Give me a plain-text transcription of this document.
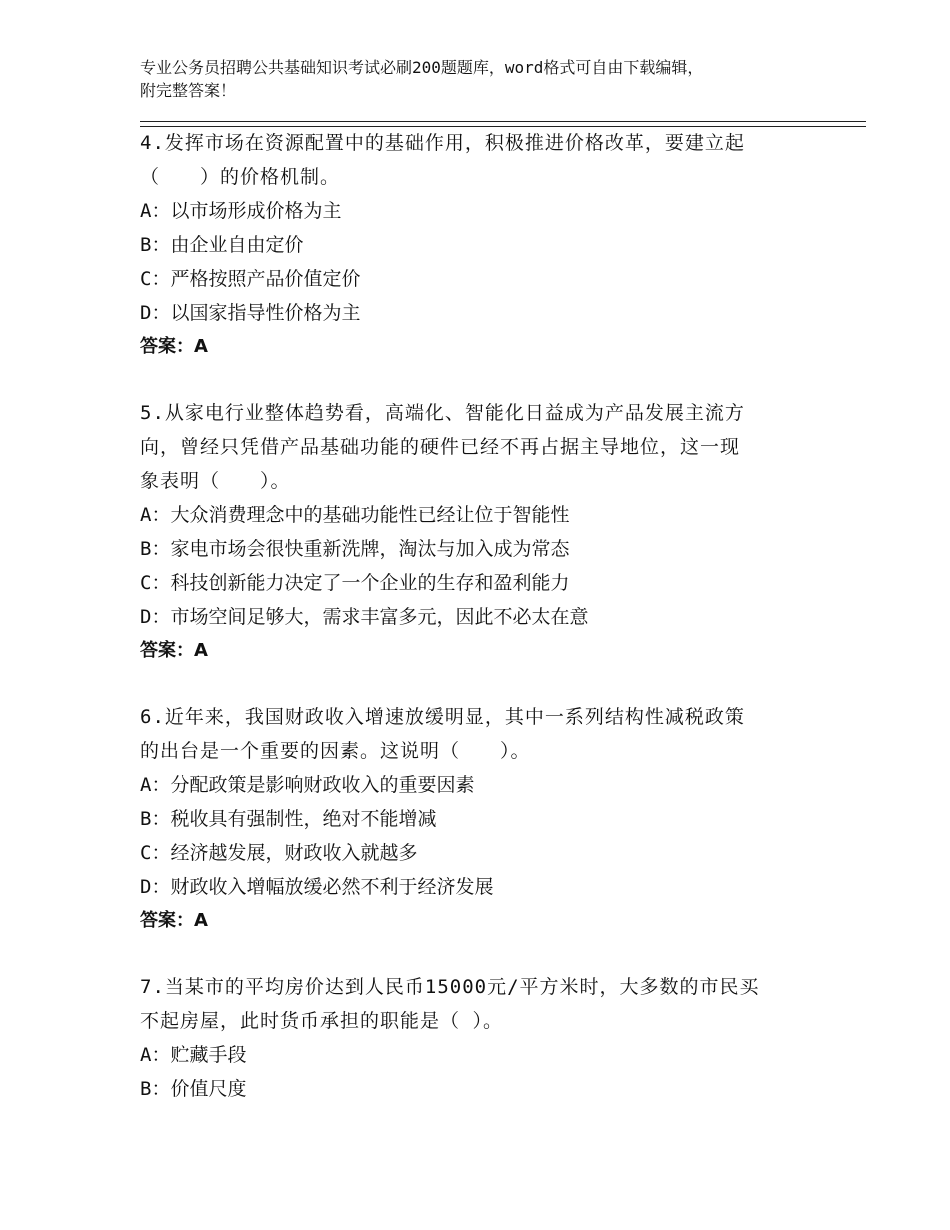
专业公务员招聘公共基础知识考试必刷200题题库，word格式可自由下载编辑，
附完整答案！
4.发挥市场在资源配置中的基础作用，积极推进价格改革，要建立起
（　　）的价格机制。
A：以市场形成价格为主
B：由企业自由定价
C：严格按照产品价值定价
D：以国家指导性价格为主
答案：A
5.从家电行业整体趋势看，高端化、智能化日益成为产品发展主流方
向，曾经只凭借产品基础功能的硬件已经不再占据主导地位，这一现
象表明（　　）。
A：大众消费理念中的基础功能性已经让位于智能性
B：家电市场会很快重新洗牌，淘汰与加入成为常态
C：科技创新能力决定了一个企业的生存和盈利能力
D：市场空间足够大，需求丰富多元，因此不必太在意
答案：A
6.近年来，我国财政收入增速放缓明显，其中一系列结构性减税政策
的出台是一个重要的因素。这说明（　　）。
A：分配政策是影响财政收入的重要因素
B：税收具有强制性，绝对不能增减
C：经济越发展，财政收入就越多
D：财政收入增幅放缓必然不利于经济发展
答案：A
7.当某市的平均房价达到人民币15000元/平方米时，大多数的市民买
不起房屋，此时货币承担的职能是（ ）。
A：贮藏手段
B：价值尺度
